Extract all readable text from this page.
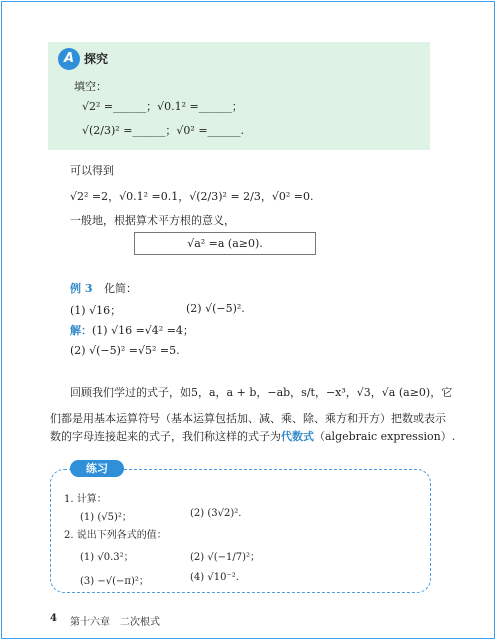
A 探究
填空：
√2² =______；√0.1² =______；
√(2/3)² =______；√0² =______.
可以得到
√2² =2，√0.1² =0.1，√(2/3)² = 2/3，√0² =0.
一般地，根据算术平方根的意义，
√a² =a (a≥0).
例 3 化简：
(1) √16；	(2) √(−5)².
解： (1) √16 =√4² =4；
(2) √(−5)² =√5² =5.
回顾我们学过的式子，如5，a，a + b，−ab，s/t，−x³，√3，√a (a≥0)，它
们都是用基本运算符号（基本运算包括加、减、乘、除、乘方和开方）把数或表示
数的字母连接起来的式子，我们称这样的式子为代数式（algebraic expression）.
练习
1. 计算：
(1) (√5)²；	(2) (3√2)².
2. 说出下列各式的值：
(1) √0.3²；	(2) √(−1/7)²；
(3) −√(−π)²；	(4) √10⁻².
4 第十六章　二次根式
